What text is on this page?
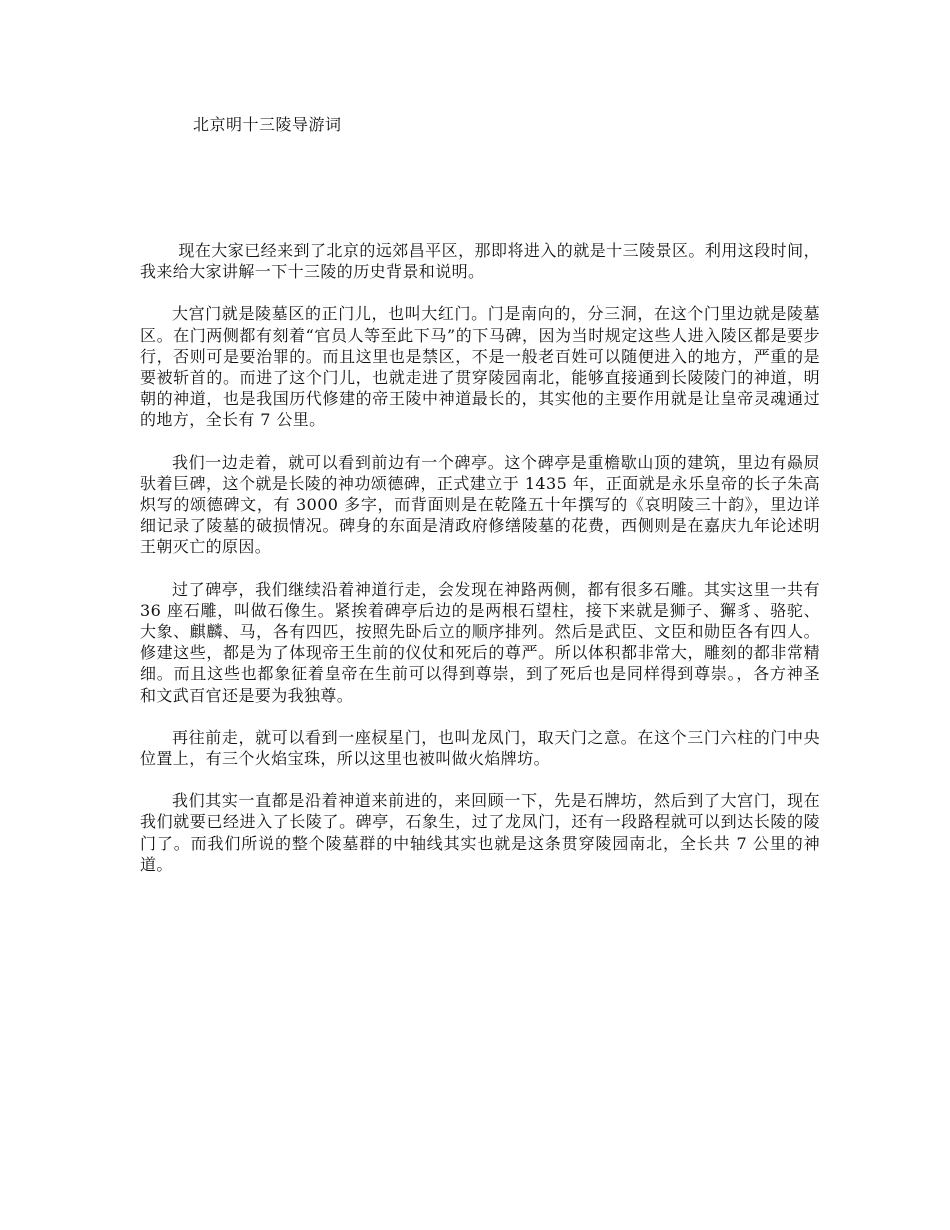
北京明十三陵导游词

现在大家已经来到了北京的远郊昌平区，那即将进入的就是十三陵景区。利用这段时间，我来给大家讲解一下十三陵的历史背景和说明。

大宫门就是陵墓区的正门儿，也叫大红门。门是南向的，分三洞，在这个门里边就是陵墓区。在门两侧都有刻着“官员人等至此下马”的下马碑，因为当时规定这些人进入陵区都是要步行，否则可是要治罪的。而且这里也是禁区，不是一般老百姓可以随便进入的地方，严重的是要被斩首的。而进了这个门儿，也就走进了贯穿陵园南北，能够直接通到长陵陵门的神道，明朝的神道，也是我国历代修建的帝王陵中神道最长的，其实他的主要作用就是让皇帝灵魂通过的地方，全长有 7 公里。

我们一边走着，就可以看到前边有一个碑亭。这个碑亭是重檐歇山顶的建筑，里边有赑屃驮着巨碑，这个就是长陵的神功颂德碑，正式建立于 1435 年，正面就是永乐皇帝的长子朱高炽写的颂德碑文，有 3000 多字，而背面则是在乾隆五十年撰写的《哀明陵三十韵》，里边详细记录了陵墓的破损情况。碑身的东面是清政府修缮陵墓的花费，西侧则是在嘉庆九年论述明王朝灭亡的原因。

过了碑亭，我们继续沿着神道行走，会发现在神路两侧，都有很多石雕。其实这里一共有 36 座石雕，叫做石像生。紧挨着碑亭后边的是两根石望柱，接下来就是狮子、獬豸、骆驼、大象、麒麟、马，各有四匹，按照先卧后立的顺序排列。然后是武臣、文臣和勋臣各有四人。修建这些，都是为了体现帝王生前的仪仗和死后的尊严。所以体积都非常大，雕刻的都非常精细。而且这些也都象征着皇帝在生前可以得到尊崇，到了死后也是同样得到尊崇。，各方神圣和文武百官还是要为我独尊。

再往前走，就可以看到一座棂星门，也叫龙凤门，取天门之意。在这个三门六柱的门中央位置上，有三个火焰宝珠，所以这里也被叫做火焰牌坊。

我们其实一直都是沿着神道来前进的，来回顾一下，先是石牌坊，然后到了大宫门，现在我们就要已经进入了长陵了。碑亭，石象生，过了龙凤门，还有一段路程就可以到达长陵的陵门了。而我们所说的整个陵墓群的中轴线其实也就是这条贯穿陵园南北，全长共 7 公里的神道。
